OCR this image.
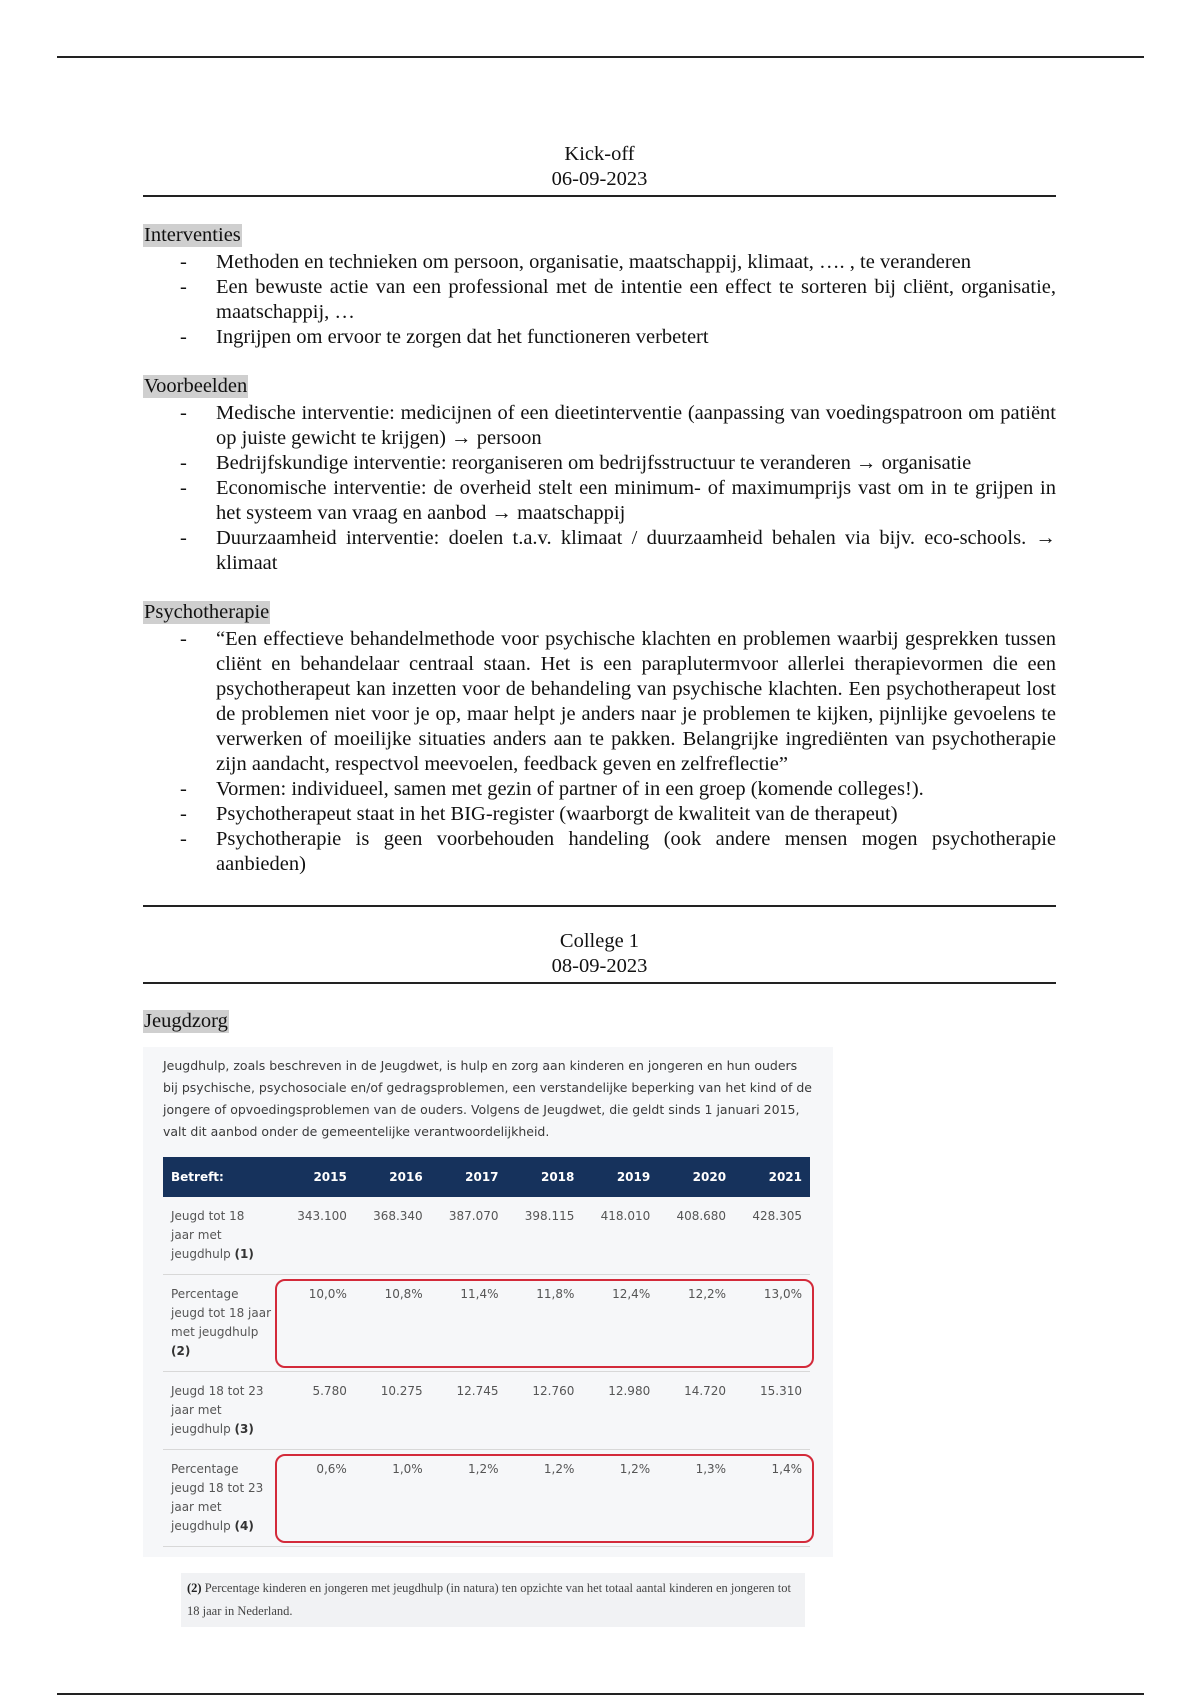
Kick-off
06-09-2023
Interventies
- Methoden en technieken om persoon, organisatie, maatschappij, klimaat, …. , te veranderen
- Een bewuste actie van een professional met de intentie een effect te sorteren bij cliënt, organisatie, maatschappij, …
- Ingrijpen om ervoor te zorgen dat het functioneren verbetert
Voorbeelden
- Medische interventie: medicijnen of een dieetinterventie (aanpassing van voedingspatroon om patiënt op juiste gewicht te krijgen) → persoon
- Bedrijfskundige interventie: reorganiseren om bedrijfsstructuur te veranderen → organisatie
- Economische interventie: de overheid stelt een minimum- of maximumprijs vast om in te grijpen in het systeem van vraag en aanbod → maatschappij
- Duurzaamheid interventie: doelen t.a.v. klimaat / duurzaamheid behalen via bijv. eco-schools. → klimaat
Psychotherapie
- “Een effectieve behandelmethode voor psychische klachten en problemen waarbij gesprekken tussen cliënt en behandelaar centraal staan. Het is een paraplutermvoor allerlei therapievormen die een psychotherapeut kan inzetten voor de behandeling van psychische klachten. Een psychotherapeut lost de problemen niet voor je op, maar helpt je anders naar je problemen te kijken, pijnlijke gevoelens te verwerken of moeilijke situaties anders aan te pakken. Belangrijke ingrediënten van psychotherapie zijn aandacht, respectvol meevoelen, feedback geven en zelfreflectie”
- Vormen: individueel, samen met gezin of partner of in een groep (komende colleges!).
- Psychotherapeut staat in het BIG-register (waarborgt de kwaliteit van de therapeut)
- Psychotherapie is geen voorbehouden handeling (ook andere mensen mogen psychotherapie aanbieden)
College 1
08-09-2023
Jeugdzorg
Jeugdhulp, zoals beschreven in de Jeugdwet, is hulp en zorg aan kinderen en jongeren en hun ouders bij psychische, psychosociale en/of gedragsproblemen, een verstandelijke beperking van het kind of de jongere of opvoedingsproblemen van de ouders. Volgens de Jeugdwet, die geldt sinds 1 januari 2015, valt dit aanbod onder de gemeentelijke verantwoordelijkheid.
Betreft:	2015	2016	2017	2018	2019	2020	2021
Jeugd tot 18 jaar met jeugdhulp (1)	343.100	368.340	387.070	398.115	418.010	408.680	428.305
Percentage jeugd tot 18 jaar met jeugdhulp (2)	10,0%	10,8%	11,4%	11,8%	12,4%	12,2%	13,0%
Jeugd 18 tot 23 jaar met jeugdhulp (3)	5.780	10.275	12.745	12.760	12.980	14.720	15.310
Percentage jeugd 18 tot 23 jaar met jeugdhulp (4)	0,6%	1,0%	1,2%	1,2%	1,2%	1,3%	1,4%
(2) Percentage kinderen en jongeren met jeugdhulp (in natura) ten opzichte van het totaal aantal kinderen en jongeren tot 18 jaar in Nederland.
